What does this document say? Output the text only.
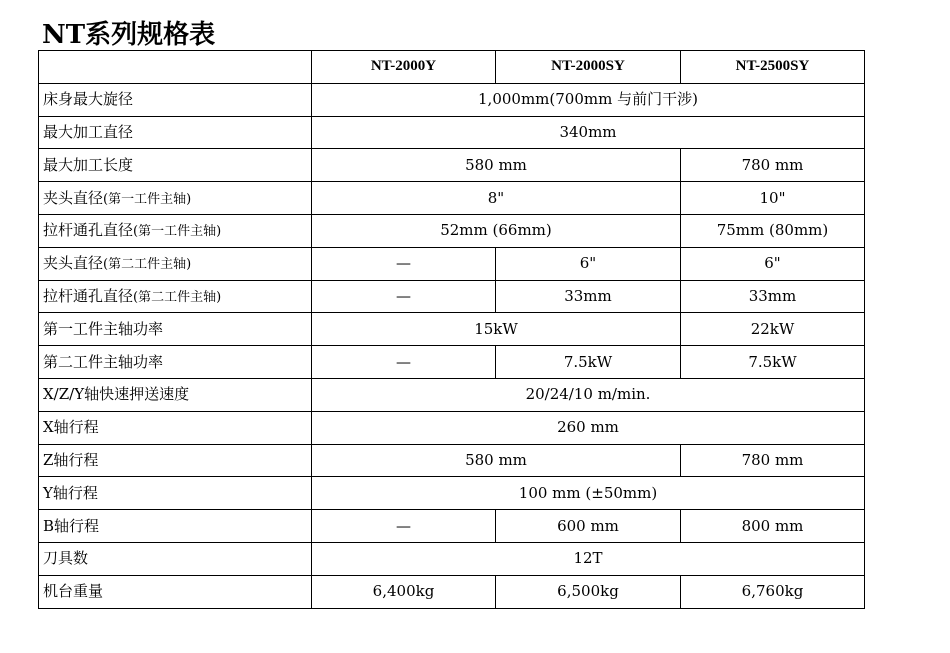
NT系列规格表
	NT-2000Y	NT-2000SY	NT-2500SY
床身最大旋径	1,000mm(700mm 与前门干涉)		
最大加工直径	340mm		
最大加工长度	580 mm		780 mm
夹头直径(第一工件主轴)	8"		10"
拉杆通孔直径(第一工件主轴)	52mm (66mm)		75mm (80mm)
夹头直径(第二工件主轴)	—	6"	6"
拉杆通孔直径(第二工件主轴)	—	33mm	33mm
第一工件主轴功率	15kW		22kW
第二工件主轴功率	—	7.5kW	7.5kW
X/Z/Y轴快速押送速度	20/24/10 m/min.		
X轴行程	260 mm		
Z轴行程	580 mm		780 mm
Y轴行程	100 mm (±50mm)		
B轴行程	—	600 mm	800 mm
刀具数	12T		
机台重量	6,400kg	6,500kg	6,760kg
